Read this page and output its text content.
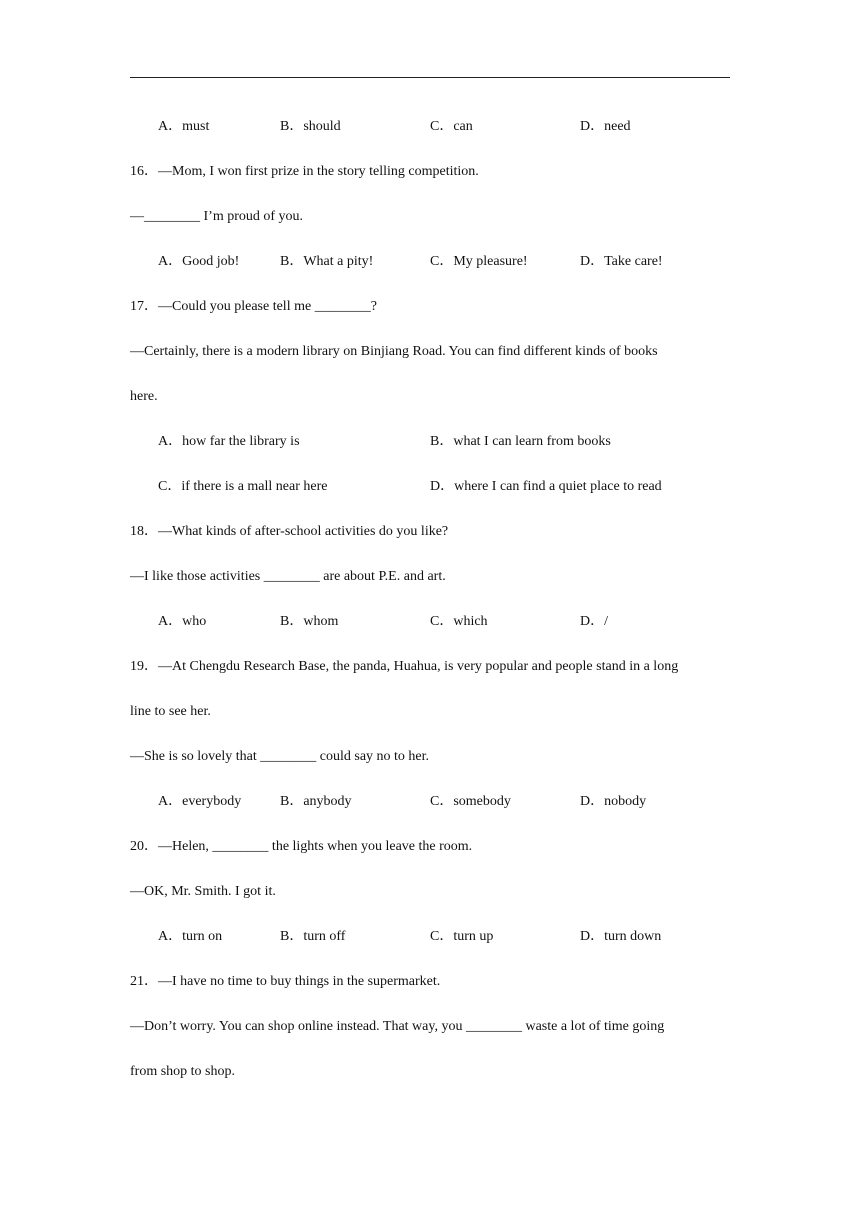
A．must	B．should	C．can	D．need
16．—Mom, I won first prize in the story telling competition.
—________ I’m proud of you.
A．Good job!	B．What a pity!	C．My pleasure!	D．Take care!
17．—Could you please tell me ________?
—Certainly, there is a modern library on Binjiang Road. You can find different kinds of books
here.
A．how far the library is	B．what I can learn from books
C．if there is a mall near here	D．where I can find a quiet place to read
18．—What kinds of after-school activities do you like?
—I like those activities ________ are about P.E. and art.
A．who	B．whom	C．which	D．/
19．—At Chengdu Research Base, the panda, Huahua, is very popular and people stand in a long
line to see her.
—She is so lovely that ________ could say no to her.
A．everybody	B．anybody	C．somebody	D．nobody
20．—Helen, ________ the lights when you leave the room.
—OK, Mr. Smith. I got it.
A．turn on	B．turn off	C．turn up	D．turn down
21．—I have no time to buy things in the supermarket.
—Don’t worry. You can shop online instead. That way, you ________ waste a lot of time going
from shop to shop.
